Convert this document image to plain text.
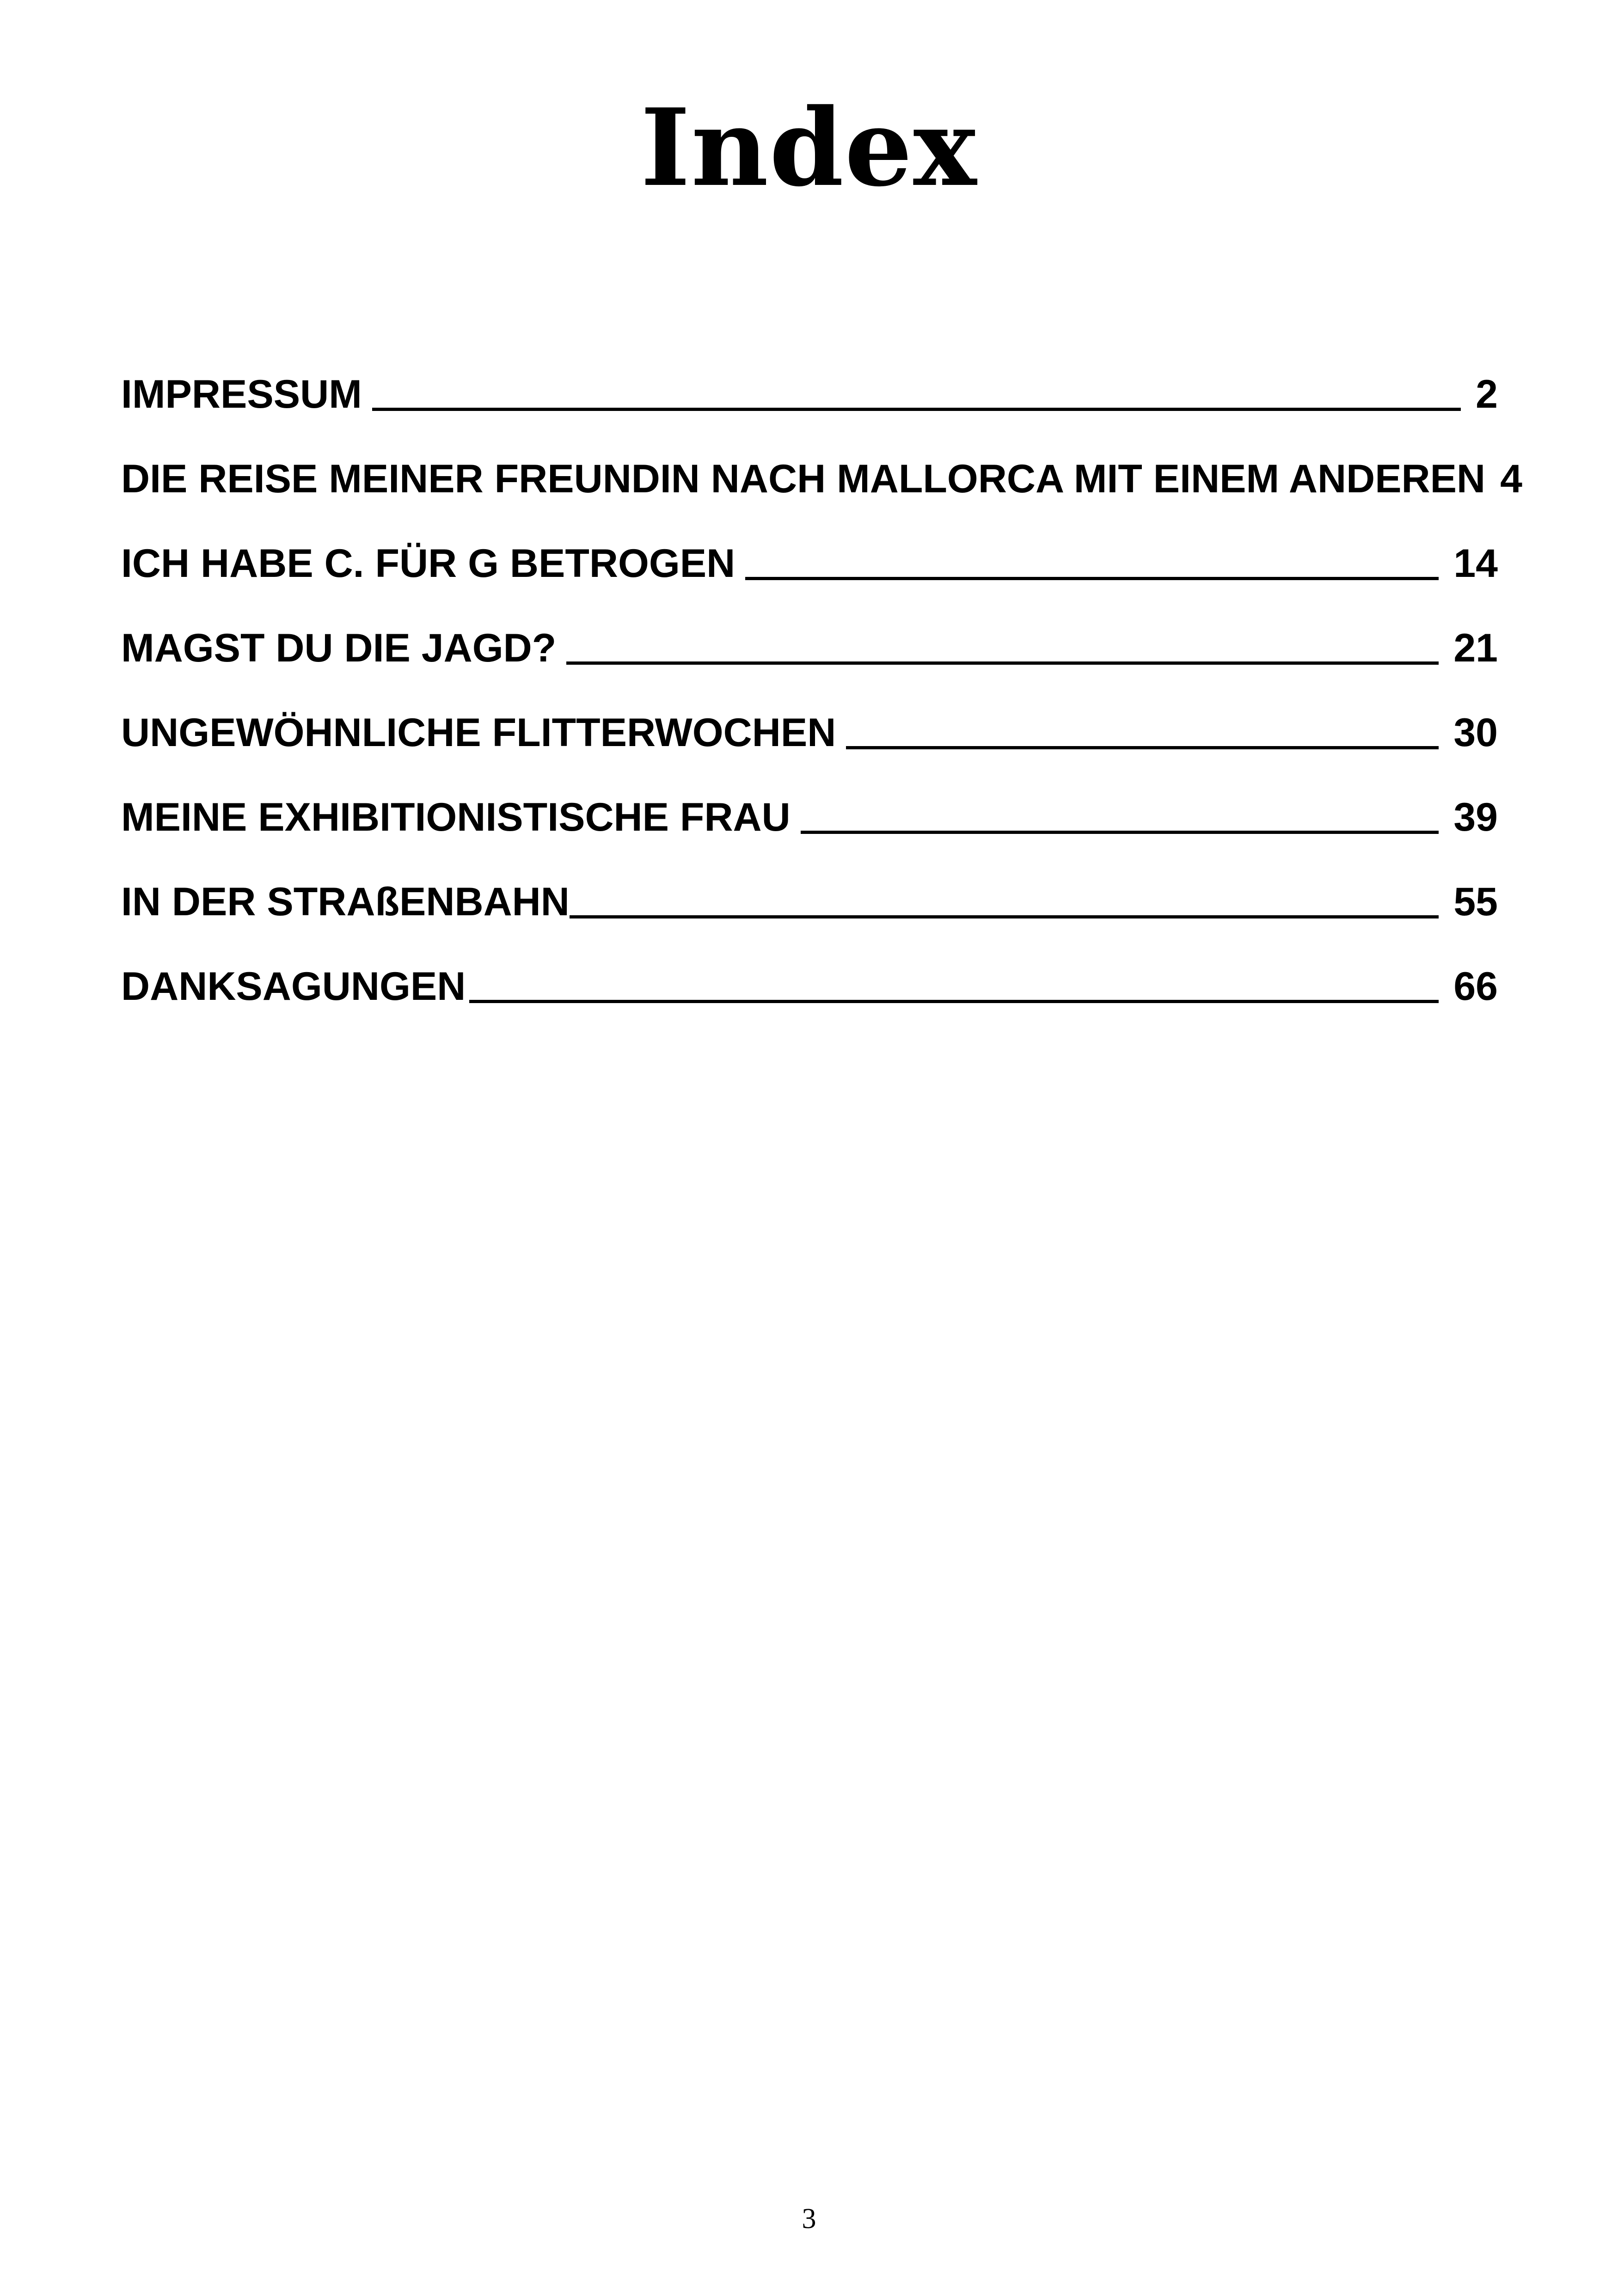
Index
IMPRESSUM	2
DIE REISE MEINER FREUNDIN NACH MALLORCA MIT EINEM ANDEREN 4
ICH HABE C. FÜR G BETROGEN	14
MAGST DU DIE JAGD?	21
UNGEWÖHNLICHE FLITTERWOCHEN	30
MEINE EXHIBITIONISTISCHE FRAU	39
IN DER STRAßENBAHN	55
DANKSAGUNGEN	66
3
